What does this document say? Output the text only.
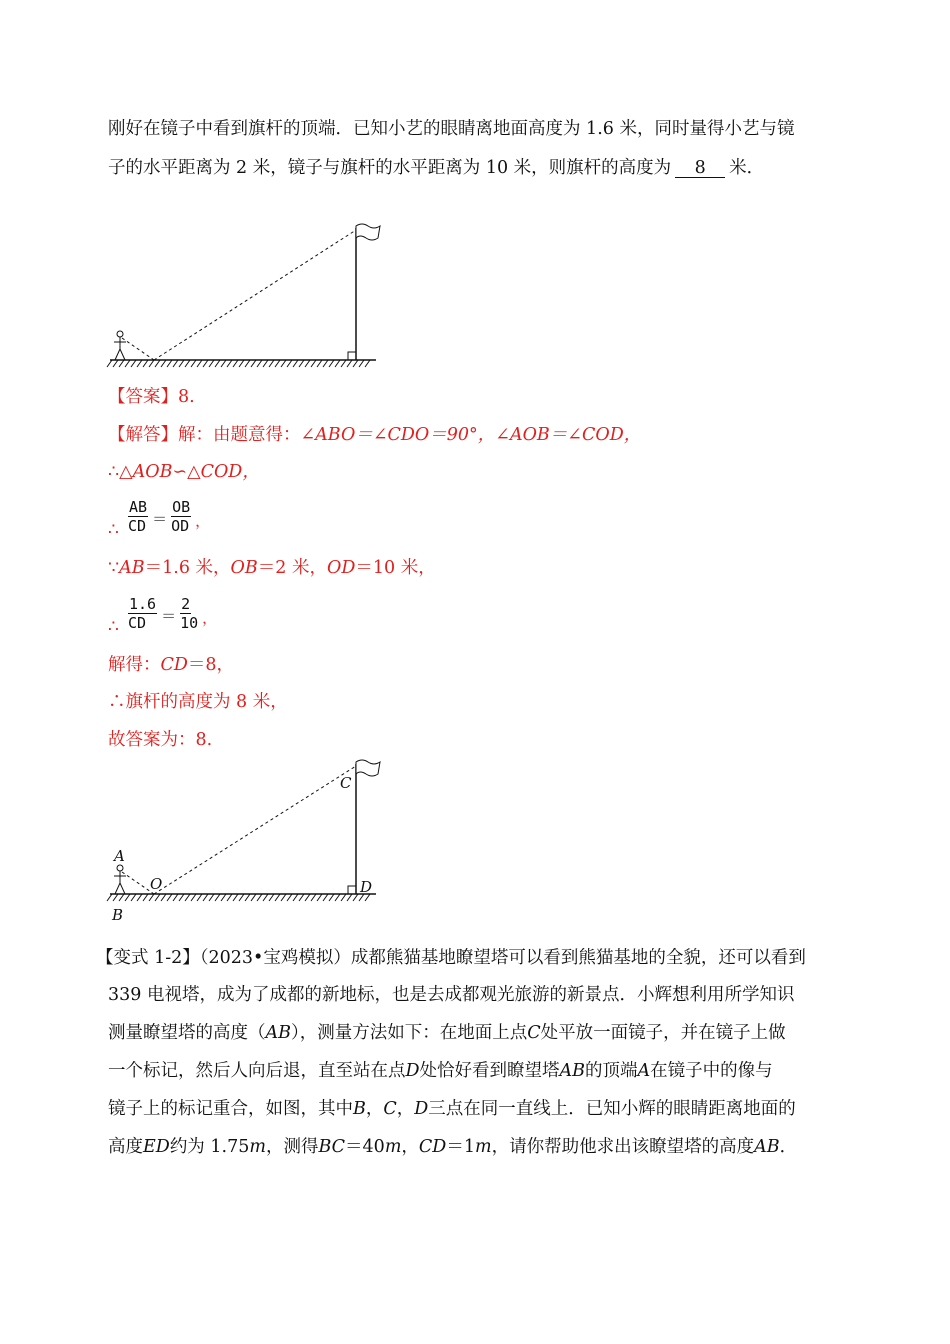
刚好在镜子中看到旗杆的顶端．已知小艺的眼睛离地面高度为 1.6 米，同时量得小艺与镜
子的水平距离为 2 米，镜子与旗杆的水平距离为 10 米，则旗杆的高度为 8 米．
【答案】8.
【解答】解：由题意得：∠ABO＝∠CDO＝90°，∠AOB＝∠COD，
∴△AOB∽△COD，
∴ $\frac{AB}{CD} = \frac{OB}{OD}$ ，
∵AB＝1.6 米，OB＝2 米，OD＝10 米，
∴ $\frac{1.6}{CD} = \frac{2}{10}$ ，
解得：CD＝8，
∴旗杆的高度为 8 米，
故答案为：8.
A
B
C
D
O
【变式 1-2】（2023•宝鸡模拟）成都熊猫基地瞭望塔可以看到熊猫基地的全貌，还可以看到
339 电视塔，成为了成都的新地标，也是去成都观光旅游的新景点．小辉想利用所学知识
测量瞭望塔的高度（AB），测量方法如下：在地面上点C处平放一面镜子，并在镜子上做
一个标记，然后人向后退，直至站在点D处恰好看到瞭望塔AB的顶端A在镜子中的像与
镜子上的标记重合，如图，其中B，C，D三点在同一直线上．已知小辉的眼睛距离地面的
高度ED约为 1.75m，测得BC＝40m，CD＝1m，请你帮助他求出该瞭望塔的高度AB．
